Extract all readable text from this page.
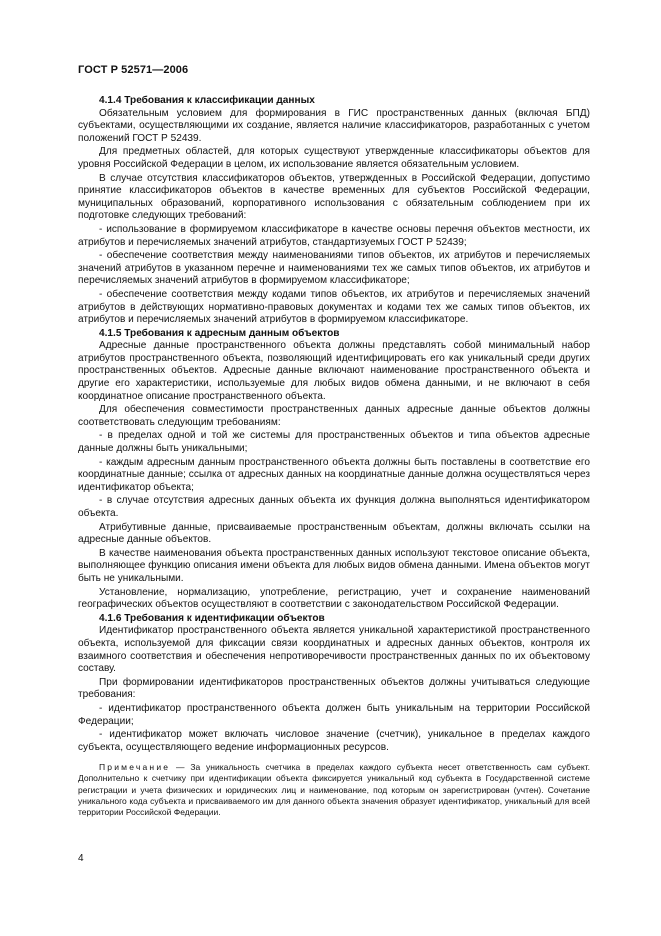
ГОСТ Р 52571—2006
4.1.4 Требования к классификации данных

Обязательным условием для формирования в ГИС пространственных данных (включая БПД) субъектами, осуществляющими их создание, является наличие классификаторов, разработанных с учетом положений ГОСТ Р 52439.

Для предметных областей, для которых существуют утвержденные классификаторы объектов для уровня Российской Федерации в целом, их использование является обязательным условием.

В случае отсутствия классификаторов объектов, утвержденных в Российской Федерации, допустимо принятие классификаторов объектов в качестве временных для субъектов Российской Федерации, муниципальных образований, корпоративного использования с обязательным соблюдением при их подготовке следующих требований:

- использование в формируемом классификаторе в качестве основы перечня объектов местности, их атрибутов и перечисляемых значений атрибутов, стандартизуемых ГОСТ Р 52439;

- обеспечение соответствия между наименованиями типов объектов, их атрибутов и перечисляемых значений атрибутов в указанном перечне и наименованиями тех же самых типов объектов, их атрибутов и перечисляемых значений атрибутов в формируемом классификаторе;

- обеспечение соответствия между кодами типов объектов, их атрибутов и перечисляемых значений атрибутов в действующих нормативно-правовых документах и кодами тех же самых типов объектов, их атрибутов и перечисляемых значений атрибутов в формируемом классификаторе.

4.1.5 Требования к адресным данным объектов

Адресные данные пространственного объекта должны представлять собой минимальный набор атрибутов пространственного объекта, позволяющий идентифицировать его как уникальный среди других пространственных объектов. Адресные данные включают наименование пространственного объекта и другие его характеристики, используемые для любых видов обмена данными, и не включают в себя координатное описание пространственного объекта.

Для обеспечения совместимости пространственных данных адресные данные объектов должны соответствовать следующим требованиям:

- в пределах одной и той же системы для пространственных объектов и типа объектов адресные данные должны быть уникальными;

- каждым адресным данным пространственного объекта должны быть поставлены в соответствие его координатные данные; ссылка от адресных данных на координатные данные должна осуществляться через идентификатор объекта;

- в случае отсутствия адресных данных объекта их функция должна выполняться идентификатором объекта.

Атрибутивные данные, присваиваемые пространственным объектам, должны включать ссылки на адресные данные объектов.

В качестве наименования объекта пространственных данных используют текстовое описание объекта, выполняющее функцию описания имени объекта для любых видов обмена данными. Имена объектов могут быть не уникальными.

Установление, нормализацию, употребление, регистрацию, учет и сохранение наименований географических объектов осуществляют в соответствии с законодательством Российской Федерации.

4.1.6 Требования к идентификации объектов

Идентификатор пространственного объекта является уникальной характеристикой пространственного объекта, используемой для фиксации связи координатных и адресных данных объектов, контроля их взаимного соответствия и обеспечения непротиворечивости пространственных данных по их объектовому составу.

При формировании идентификаторов пространственных объектов должны учитываться следующие требования:

- идентификатор пространственного объекта должен быть уникальным на территории Российской Федерации;

- идентификатор может включать числовое значение (счетчик), уникальное в пределах каждого субъекта, осуществляющего ведение информационных ресурсов.

Примечание — За уникальность счетчика в пределах каждого субъекта несет ответственность сам субъект. Дополнительно к счетчику при идентификации объекта фиксируется уникальный код субъекта в Государственной системе регистрации и учета физических и юридических лиц и наименование, под которым он зарегистрирован (учтен). Сочетание уникального кода субъекта и присваиваемого им для данного объекта значения образует идентификатор, уникальный для всей территории Российской Федерации.

4
